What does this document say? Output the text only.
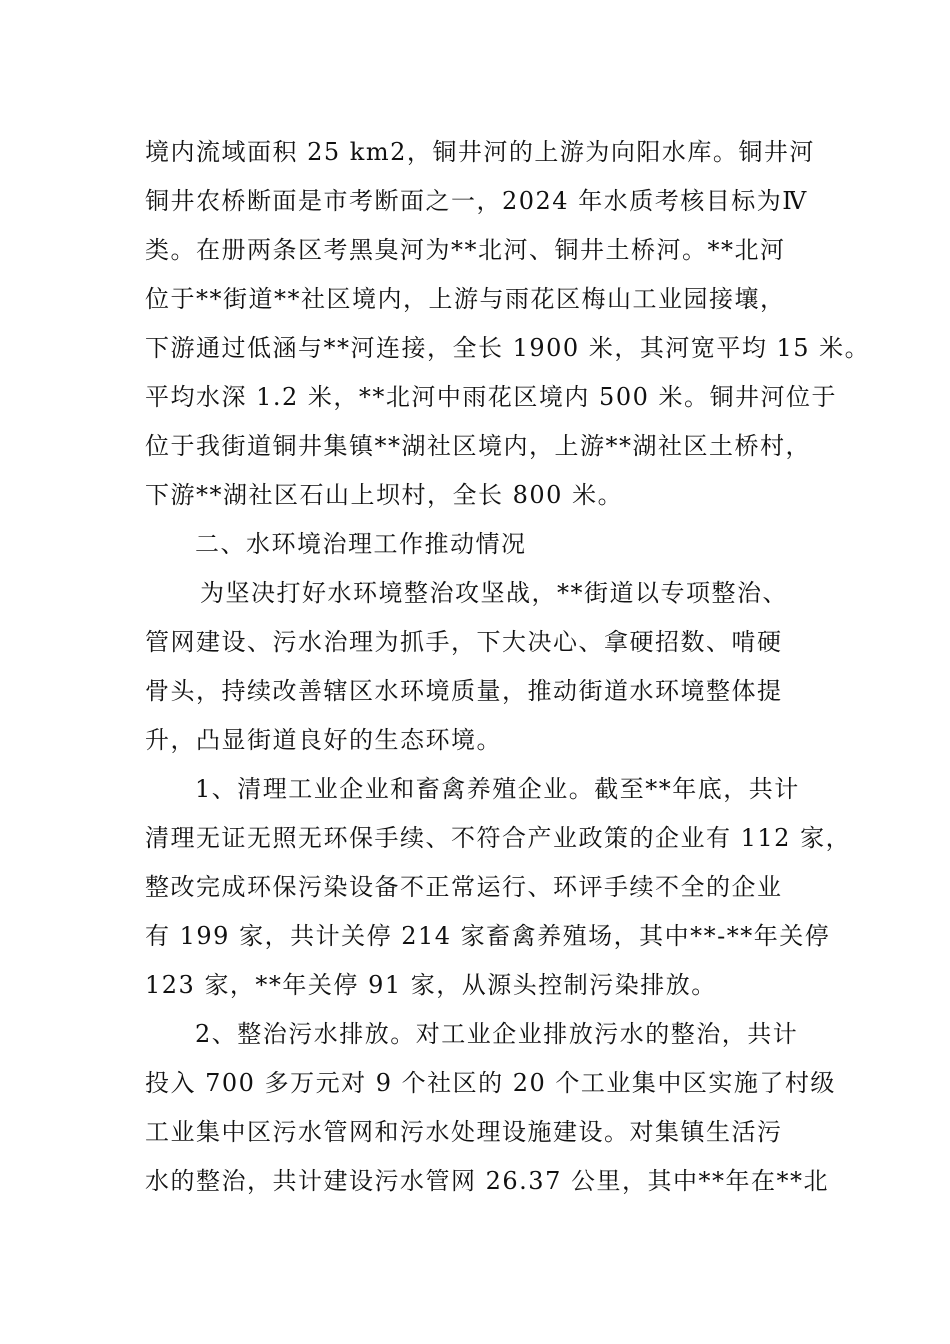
境内流域面积 25 km2，铜井河的上游为向阳水库。铜井河
铜井农桥断面是市考断面之一，2024 年水质考核目标为Ⅳ
类。在册两条区考黑臭河为**北河、铜井土桥河。**北河
位于**街道**社区境内，上游与雨花区梅山工业园接壤，
下游通过低涵与**河连接，全长 1900 米，其河宽平均 15 米。
平均水深 1.2 米，**北河中雨花区境内 500 米。铜井河位于
位于我街道铜井集镇**湖社区境内，上游**湖社区土桥村，
下游**湖社区石山上坝村，全长 800 米。
二、水环境治理工作推动情况
为坚决打好水环境整治攻坚战，**街道以专项整治、
管网建设、污水治理为抓手，下大决心、拿硬招数、啃硬
骨头，持续改善辖区水环境质量，推动街道水环境整体提
升，凸显街道良好的生态环境。
1、清理工业企业和畜禽养殖企业。截至**年底，共计
清理无证无照无环保手续、不符合产业政策的企业有 112 家，
整改完成环保污染设备不正常运行、环评手续不全的企业
有 199 家，共计关停 214 家畜禽养殖场，其中**-**年关停
123 家，**年关停 91 家，从源头控制污染排放。
2、整治污水排放。对工业企业排放污水的整治，共计
投入 700 多万元对 9 个社区的 20 个工业集中区实施了村级
工业集中区污水管网和污水处理设施建设。对集镇生活污
水的整治，共计建设污水管网 26.37 公里，其中**年在**北
